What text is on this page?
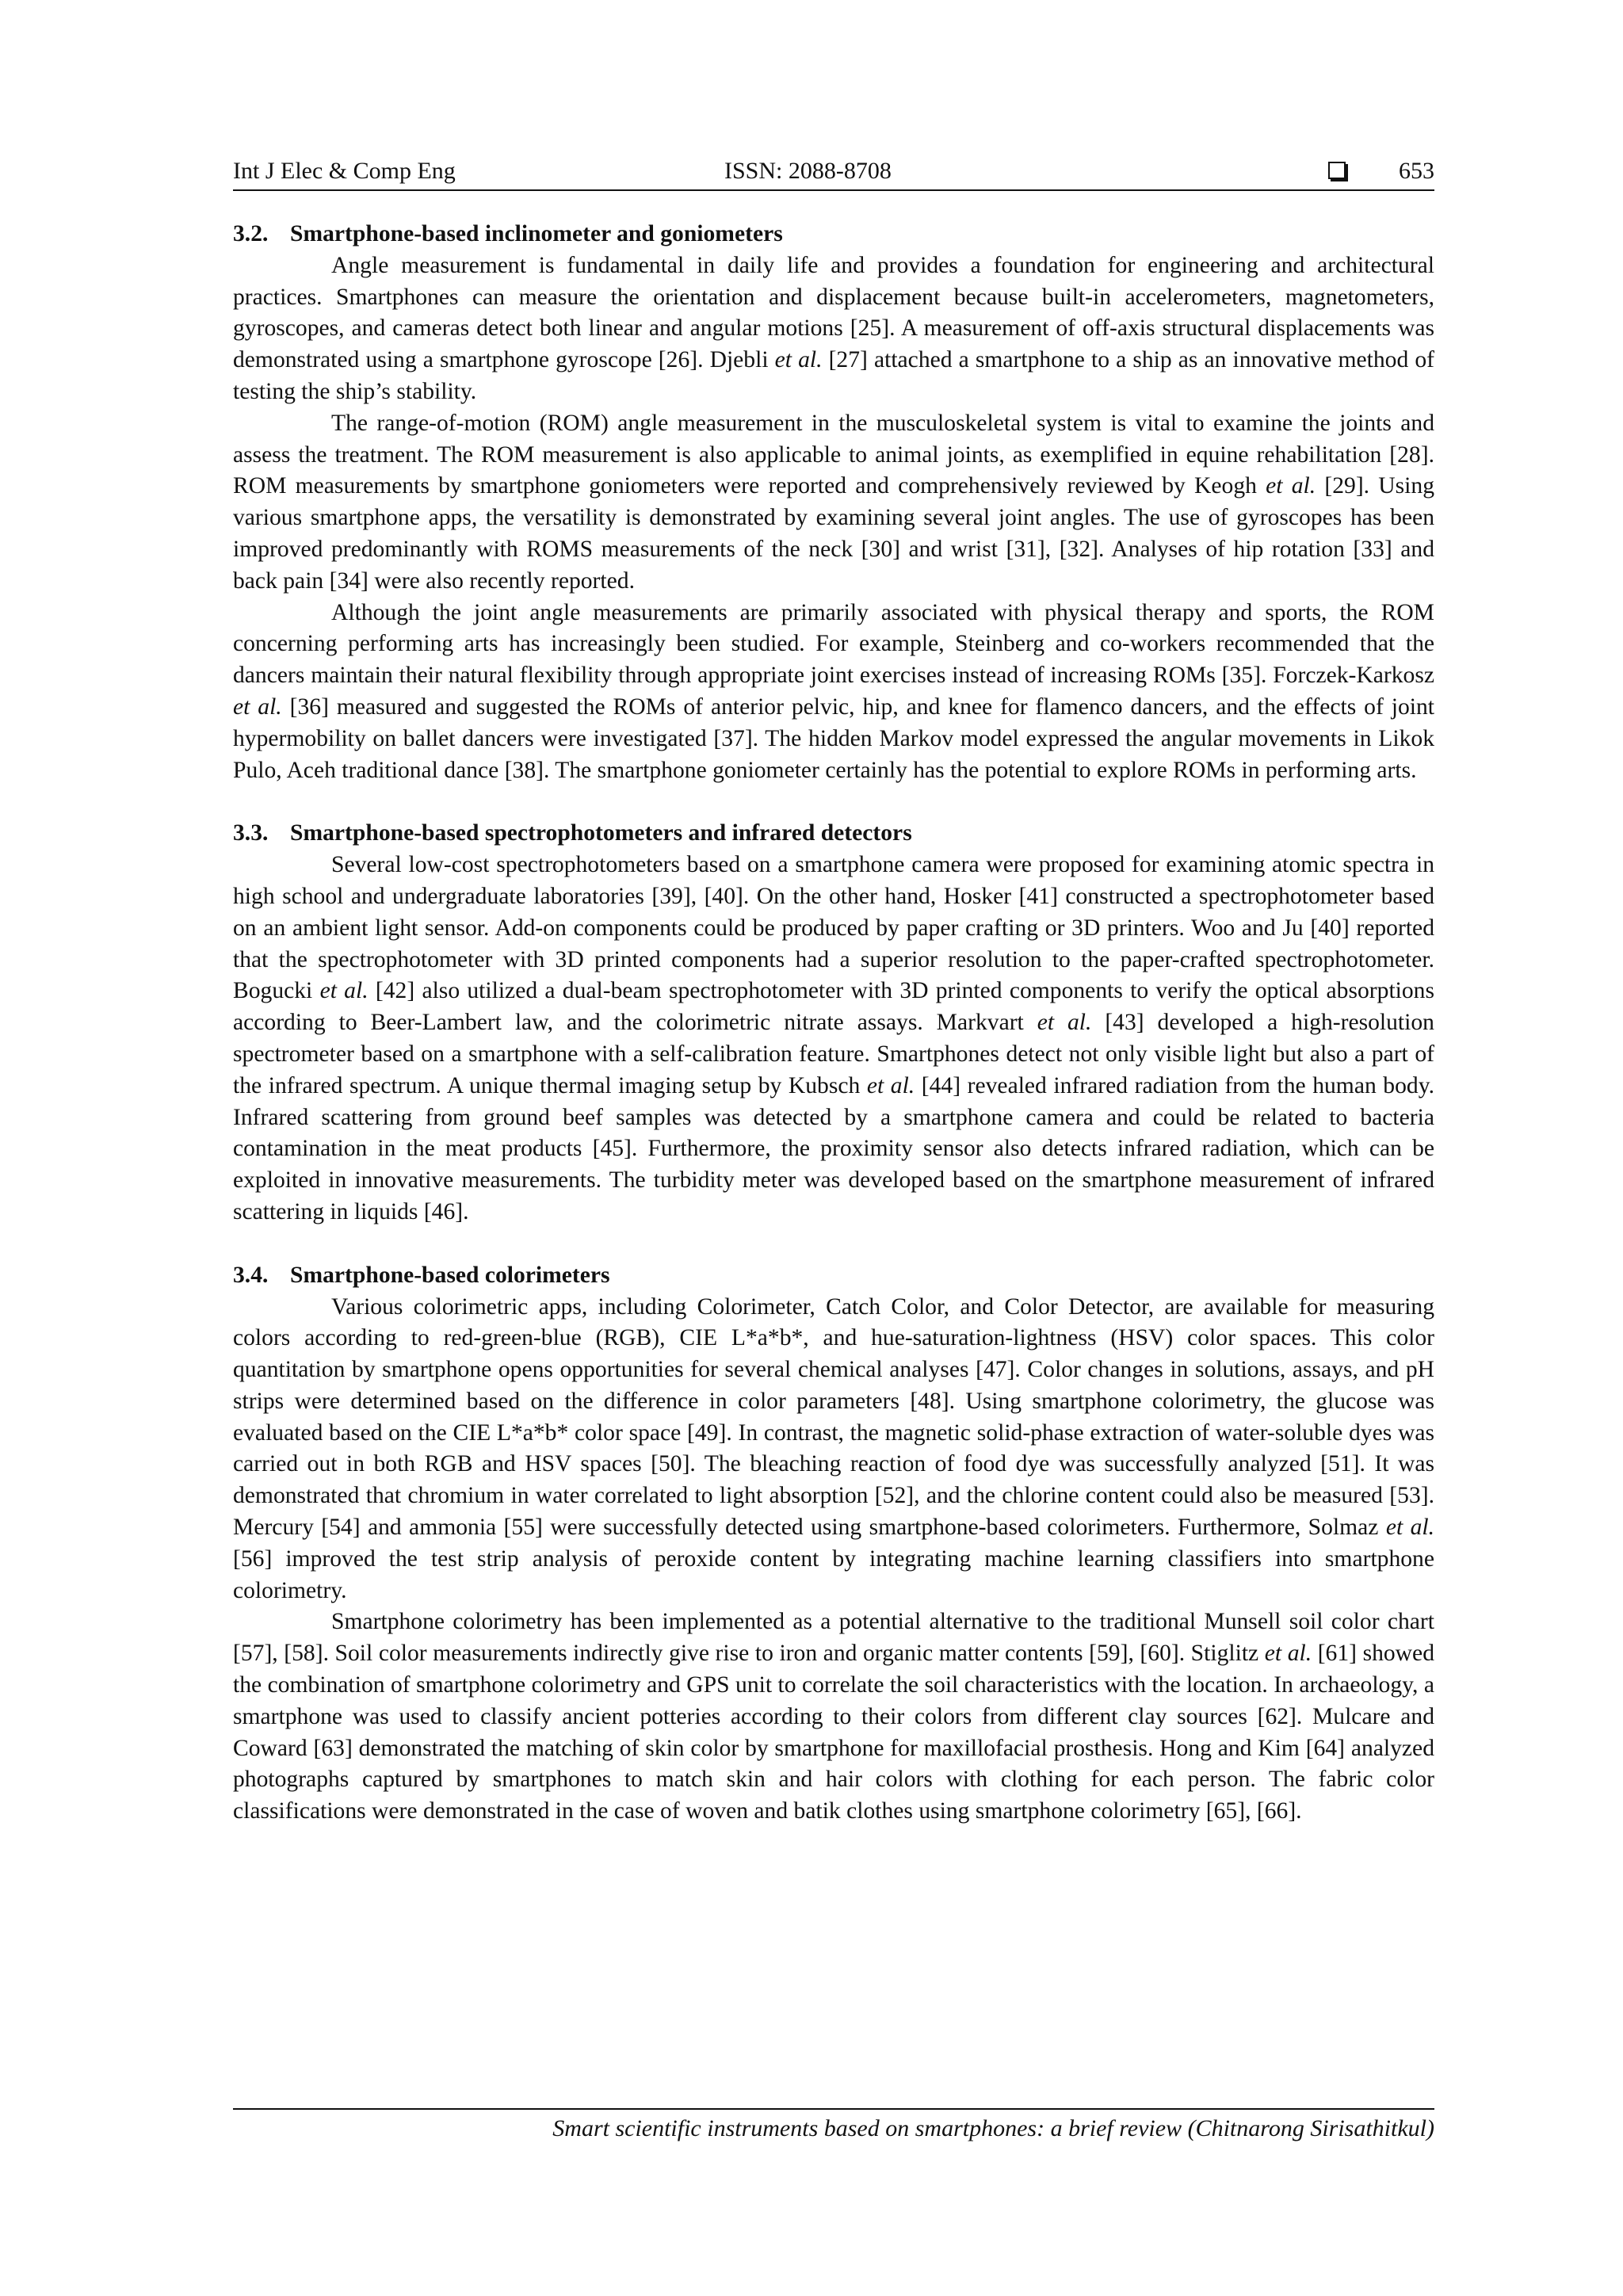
Int J Elec & Comp Eng	ISSN: 2088-8708	653

3.2. Smartphone-based inclinometer and goniometers

Angle measurement is fundamental in daily life and provides a foundation for engineering and architectural practices. Smartphones can measure the orientation and displacement because built-in accelerometers, magnetometers, gyroscopes, and cameras detect both linear and angular motions [25]. A measurement of off-axis structural displacements was demonstrated using a smartphone gyroscope [26]. Djebli et al. [27] attached a smartphone to a ship as an innovative method of testing the ship’s stability.

The range-of-motion (ROM) angle measurement in the musculoskeletal system is vital to examine the joints and assess the treatment. The ROM measurement is also applicable to animal joints, as exemplified in equine rehabilitation [28]. ROM measurements by smartphone goniometers were reported and comprehensively reviewed by Keogh et al. [29]. Using various smartphone apps, the versatility is demonstrated by examining several joint angles. The use of gyroscopes has been improved predominantly with ROMS measurements of the neck [30] and wrist [31], [32]. Analyses of hip rotation [33] and back pain [34] were also recently reported.

Although the joint angle measurements are primarily associated with physical therapy and sports, the ROM concerning performing arts has increasingly been studied. For example, Steinberg and co-workers recommended that the dancers maintain their natural flexibility through appropriate joint exercises instead of increasing ROMs [35]. Forczek-Karkosz et al. [36] measured and suggested the ROMs of anterior pelvic, hip, and knee for flamenco dancers, and the effects of joint hypermobility on ballet dancers were investigated [37]. The hidden Markov model expressed the angular movements in Likok Pulo, Aceh traditional dance [38]. The smartphone goniometer certainly has the potential to explore ROMs in performing arts.

3.3. Smartphone-based spectrophotometers and infrared detectors

Several low-cost spectrophotometers based on a smartphone camera were proposed for examining atomic spectra in high school and undergraduate laboratories [39], [40]. On the other hand, Hosker [41] constructed a spectrophotometer based on an ambient light sensor. Add-on components could be produced by paper crafting or 3D printers. Woo and Ju [40] reported that the spectrophotometer with 3D printed components had a superior resolution to the paper-crafted spectrophotometer. Bogucki et al. [42] also utilized a dual-beam spectrophotometer with 3D printed components to verify the optical absorptions according to Beer-Lambert law, and the colorimetric nitrate assays. Markvart et al. [43] developed a high-resolution spectrometer based on a smartphone with a self-calibration feature. Smartphones detect not only visible light but also a part of the infrared spectrum. A unique thermal imaging setup by Kubsch et al. [44] revealed infrared radiation from the human body. Infrared scattering from ground beef samples was detected by a smartphone camera and could be related to bacteria contamination in the meat products [45]. Furthermore, the proximity sensor also detects infrared radiation, which can be exploited in innovative measurements. The turbidity meter was developed based on the smartphone measurement of infrared scattering in liquids [46].

3.4. Smartphone-based colorimeters

Various colorimetric apps, including Colorimeter, Catch Color, and Color Detector, are available for measuring colors according to red-green-blue (RGB), CIE L*a*b*, and hue-saturation-lightness (HSV) color spaces. This color quantitation by smartphone opens opportunities for several chemical analyses [47]. Color changes in solutions, assays, and pH strips were determined based on the difference in color parameters [48]. Using smartphone colorimetry, the glucose was evaluated based on the CIE L*a*b* color space [49]. In contrast, the magnetic solid-phase extraction of water-soluble dyes was carried out in both RGB and HSV spaces [50]. The bleaching reaction of food dye was successfully analyzed [51]. It was demonstrated that chromium in water correlated to light absorption [52], and the chlorine content could also be measured [53]. Mercury [54] and ammonia [55] were successfully detected using smartphone-based colorimeters. Furthermore, Solmaz et al. [56] improved the test strip analysis of peroxide content by integrating machine learning classifiers into smartphone colorimetry.

Smartphone colorimetry has been implemented as a potential alternative to the traditional Munsell soil color chart [57], [58]. Soil color measurements indirectly give rise to iron and organic matter contents [59], [60]. Stiglitz et al. [61] showed the combination of smartphone colorimetry and GPS unit to correlate the soil characteristics with the location. In archaeology, a smartphone was used to classify ancient potteries according to their colors from different clay sources [62]. Mulcare and Coward [63] demonstrated the matching of skin color by smartphone for maxillofacial prosthesis. Hong and Kim [64] analyzed photographs captured by smartphones to match skin and hair colors with clothing for each person. The fabric color classifications were demonstrated in the case of woven and batik clothes using smartphone colorimetry [65], [66].

Smart scientific instruments based on smartphones: a brief review (Chitnarong Sirisathitkul)
